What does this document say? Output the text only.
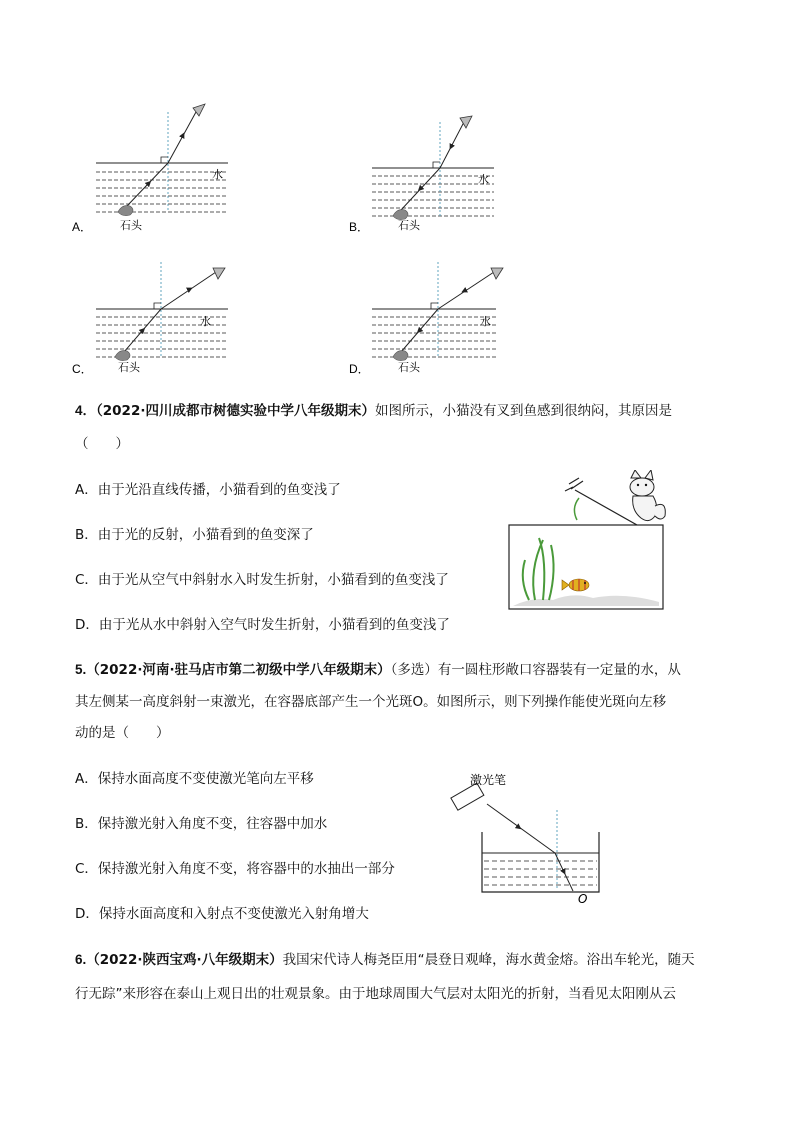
水
石头
A．
水
石头
B．
水
石头
C．
水
石头
D．
4．（2022·四川成都市树德实验中学八年级期末）如图所示，小猫没有叉到鱼感到很纳闷，其原因是
（　　）
A．由于光沿直线传播，小猫看到的鱼变浅了
B．由于光的反射，小猫看到的鱼变深了
C．由于光从空气中斜射水入时发生折射，小猫看到的鱼变浅了
D．由于光从水中斜射入空气时发生折射，小猫看到的鱼变浅了
5.（2022·河南·驻马店市第二初级中学八年级期末）（多选）有一圆柱形敞口容器装有一定量的水，从
其左侧某一高度斜射一束激光，在容器底部产生一个光斑O。如图所示，则下列操作能使光斑向左移
动的是（　　）
A．保持水面高度不变使激光笔向左平移
B．保持激光射入角度不变，往容器中加水
C．保持激光射入角度不变，将容器中的水抽出一部分
D．保持水面高度和入射点不变使激光入射角增大
激光笔
O
6.（2022·陕西宝鸡·八年级期末）我国宋代诗人梅尧臣用“晨登日观峰，海水黄金熔。浴出车轮光，随天
行无踪”来形容在泰山上观日出的壮观景象。由于地球周围大气层对太阳光的折射，当看见太阳刚从云
